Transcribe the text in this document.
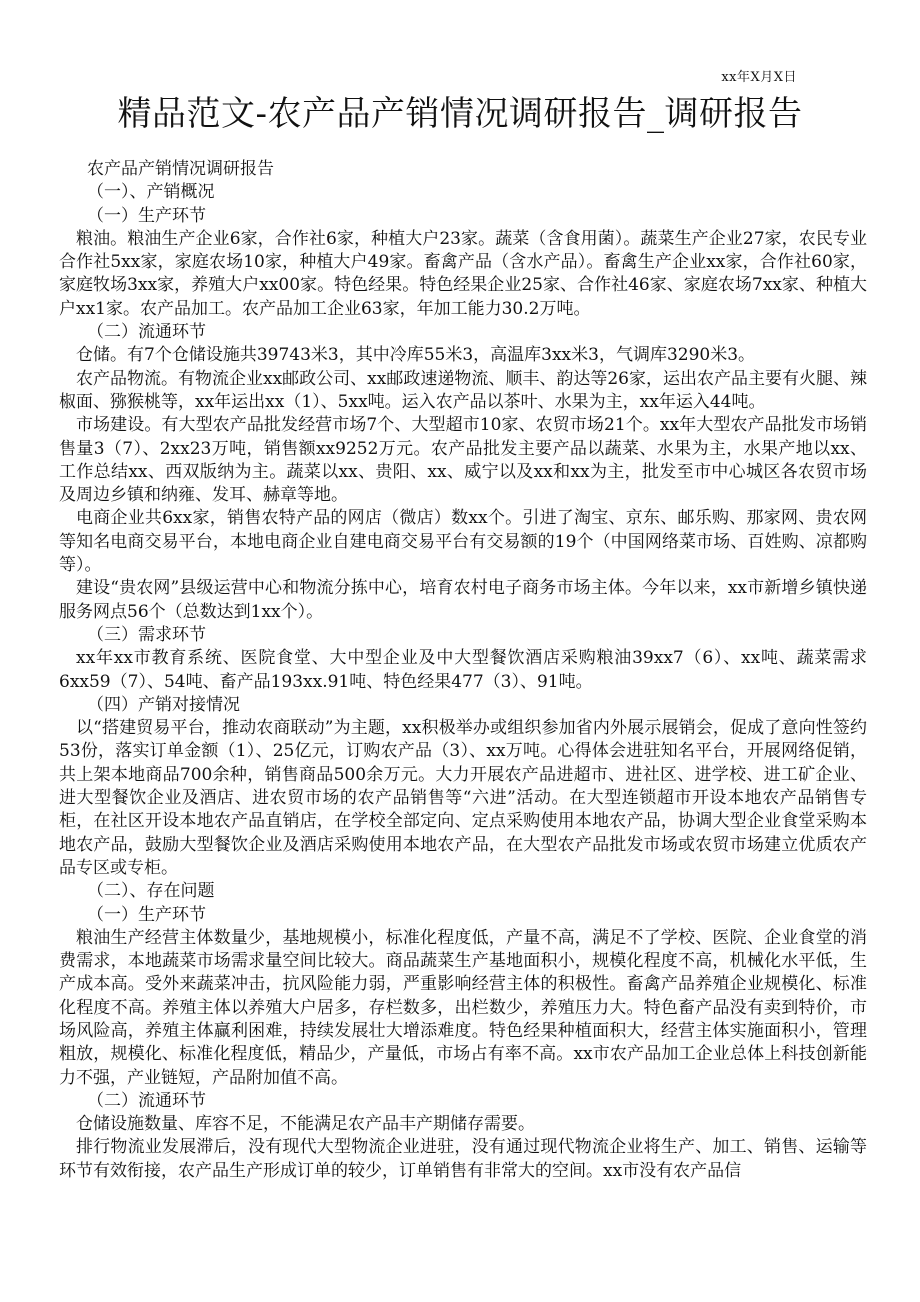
xx年X月X日
精品范文-农产品产销情况调研报告_调研报告

农产品产销情况调研报告

（一）、产销概况

（一）生产环节

粮油。粮油生产企业6家，合作社6家，种植大户23家。蔬菜（含食用菌）。蔬菜生产企业27家，农民专业合作社5xx家，家庭农场10家，种植大户49家。畜禽产品（含水产品）。畜禽生产企业xx家，合作社60家，家庭牧场3xx家，养殖大户xx00家。特色经果。特色经果企业25家、合作社46家、家庭农场7xx家、种植大户xx1家。农产品加工。农产品加工企业63家，年加工能力30.2万吨。

（二）流通环节

仓储。有7个仓储设施共39743米3，其中冷库55米3，高温库3xx米3，气调库3290米3。

农产品物流。有物流企业xx邮政公司、xx邮政速递物流、顺丰、韵达等26家，运出农产品主要有火腿、辣椒面、猕猴桃等，xx年运出xx（1）、5xx吨。运入农产品以茶叶、水果为主，xx年运入44吨。

市场建设。有大型农产品批发经营市场7个、大型超市10家、农贸市场21个。xx年大型农产品批发市场销售量3（7）、2xx23万吨，销售额xx9252万元。农产品批发主要产品以蔬菜、水果为主，水果产地以xx、工作总结xx、西双版纳为主。蔬菜以xx、贵阳、xx、威宁以及xx和xx为主，批发至市中心城区各农贸市场及周边乡镇和纳雍、发耳、赫章等地。

电商企业共6xx家，销售农特产品的网店（微店）数xx个。引进了淘宝、京东、邮乐购、那家网、贵农网等知名电商交易平台，本地电商企业自建电商交易平台有交易额的19个（中国网络菜市场、百姓购、凉都购等）。

建设“贵农网”县级运营中心和物流分拣中心，培育农村电子商务市场主体。今年以来，xx市新增乡镇快递服务网点56个（总数达到1xx个）。

（三）需求环节

xx年xx市教育系统、医院食堂、大中型企业及中大型餐饮酒店采购粮油39xx7（6）、xx吨、蔬菜需求6xx59（7）、54吨、畜产品193xx.91吨、特色经果477（3）、91吨。

（四）产销对接情况

以“搭建贸易平台，推动农商联动”为主题，xx积极举办或组织参加省内外展示展销会，促成了意向性签约53份，落实订单金额（1）、25亿元，订购农产品（3）、xx万吨。心得体会进驻知名平台，开展网络促销，共上架本地商品700余种，销售商品500余万元。大力开展农产品进超市、进社区、进学校、进工矿企业、进大型餐饮企业及酒店、进农贸市场的农产品销售等“六进”活动。在大型连锁超市开设本地农产品销售专柜，在社区开设本地农产品直销店，在学校全部定向、定点采购使用本地农产品，协调大型企业食堂采购本地农产品，鼓励大型餐饮企业及酒店采购使用本地农产品，在大型农产品批发市场或农贸市场建立优质农产品专区或专柜。

（二）、存在问题

（一）生产环节

粮油生产经营主体数量少，基地规模小，标准化程度低，产量不高，满足不了学校、医院、企业食堂的消费需求，本地蔬菜市场需求量空间比较大。商品蔬菜生产基地面积小，规模化程度不高，机械化水平低，生产成本高。受外来蔬菜冲击，抗风险能力弱，严重影响经营主体的积极性。畜禽产品养殖企业规模化、标准化程度不高。养殖主体以养殖大户居多，存栏数多，出栏数少，养殖压力大。特色畜产品没有卖到特价，市场风险高，养殖主体赢利困难，持续发展壮大增添难度。特色经果种植面积大，经营主体实施面积小，管理粗放，规模化、标准化程度低，精品少，产量低，市场占有率不高。xx市农产品加工企业总体上科技创新能力不强，产业链短，产品附加值不高。

（二）流通环节

仓储设施数量、库容不足，不能满足农产品丰产期储存需要。

排行物流业发展滞后，没有现代大型物流企业进驻，没有通过现代物流企业将生产、加工、销售、运输等环节有效衔接，农产品生产形成订单的较少，订单销售有非常大的空间。xx市没有农产品信
